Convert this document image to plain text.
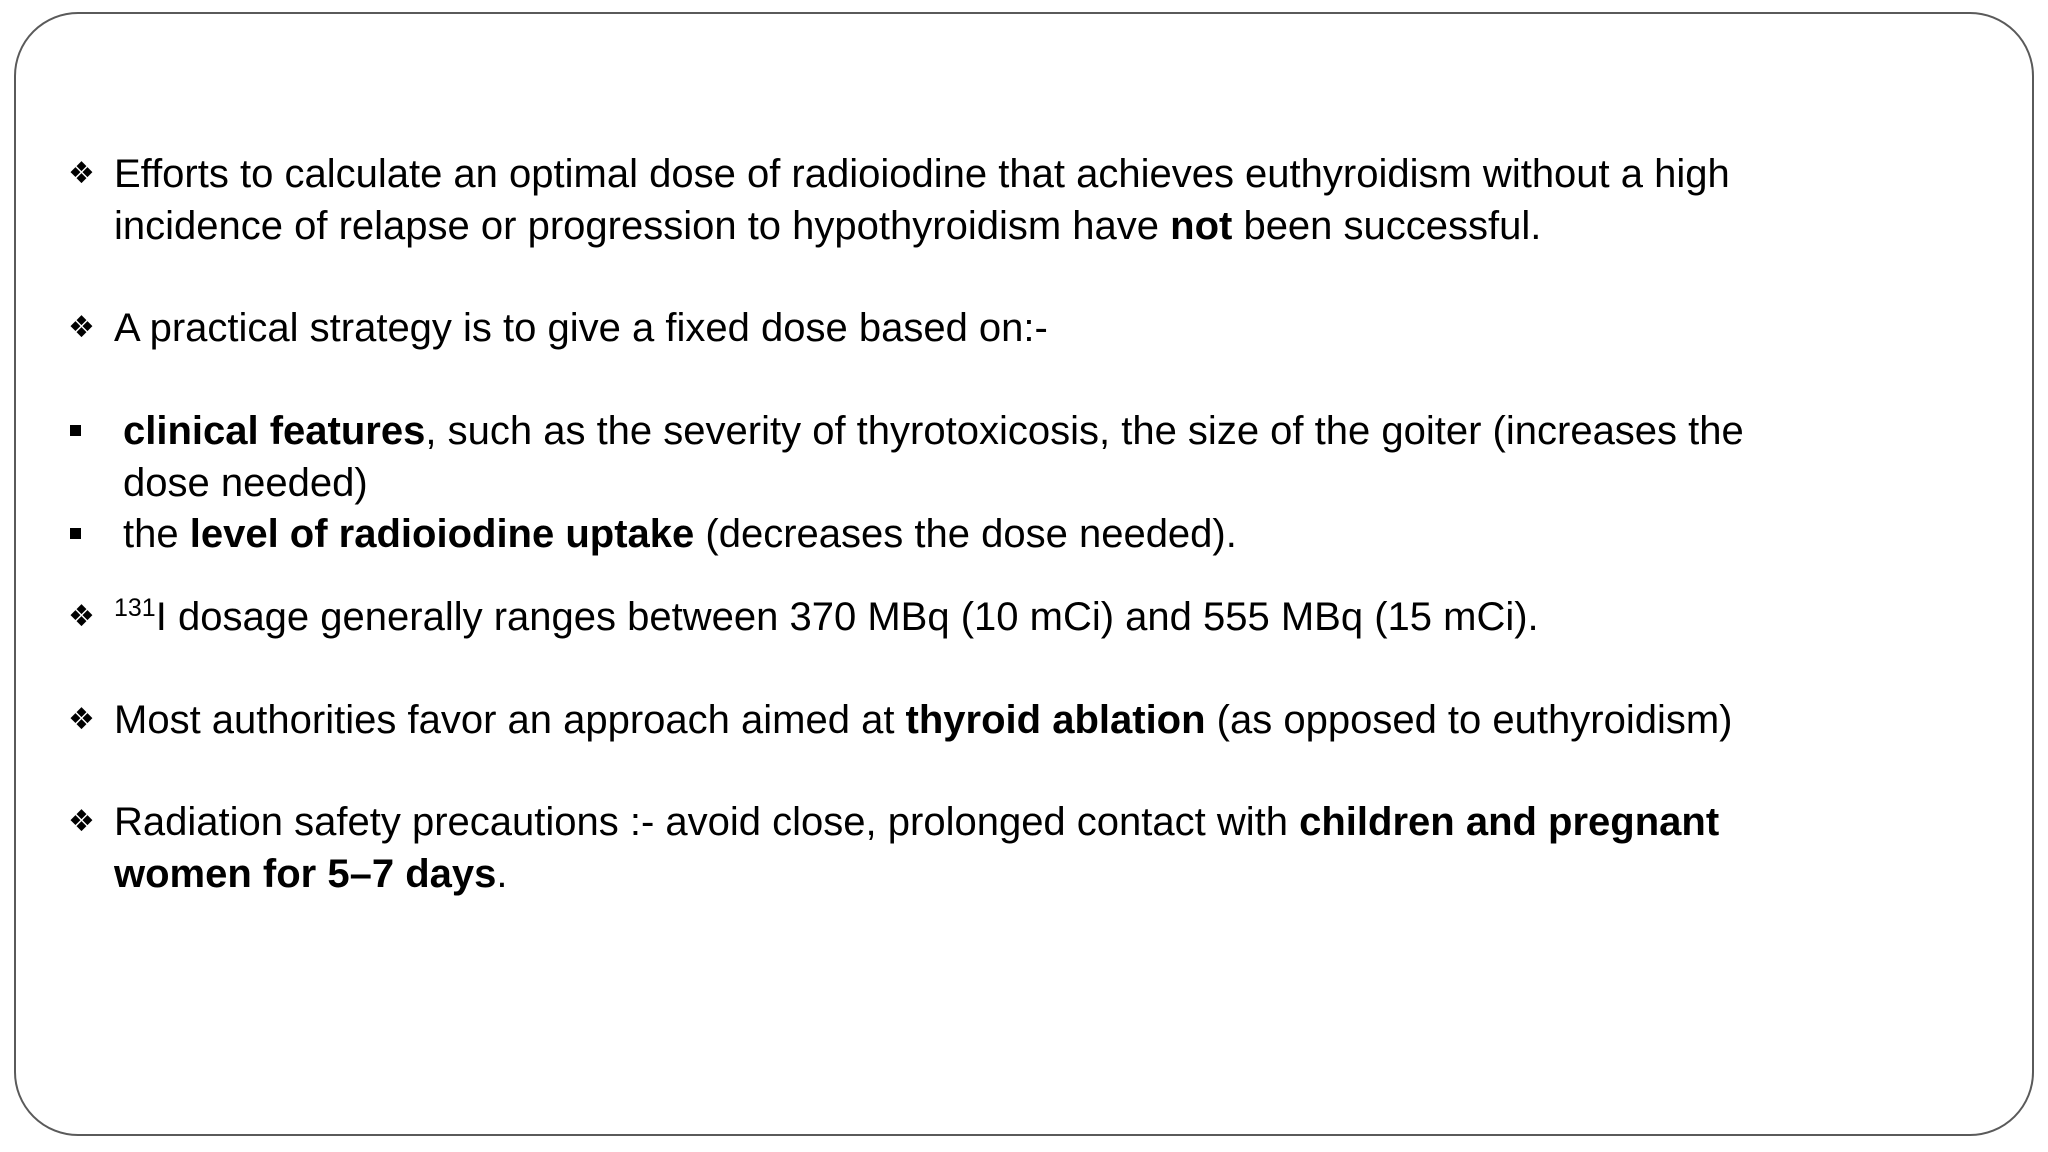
❖ Efforts to calculate an optimal dose of radioiodine that achieves euthyroidism without a high
incidence of relapse or progression to hypothyroidism have not been successful.
❖ A practical strategy is to give a fixed dose based on:-
clinical features, such as the severity of thyrotoxicosis, the size of the goiter (increases the
dose needed)
the level of radioiodine uptake (decreases the dose needed).
❖ $^{131}$I dosage generally ranges between 370 MBq (10 mCi) and 555 MBq (15 mCi).
❖ Most authorities favor an approach aimed at thyroid ablation (as opposed to euthyroidism)
❖ Radiation safety precautions :- avoid close, prolonged contact with children and pregnant
women for 5–7 days.
